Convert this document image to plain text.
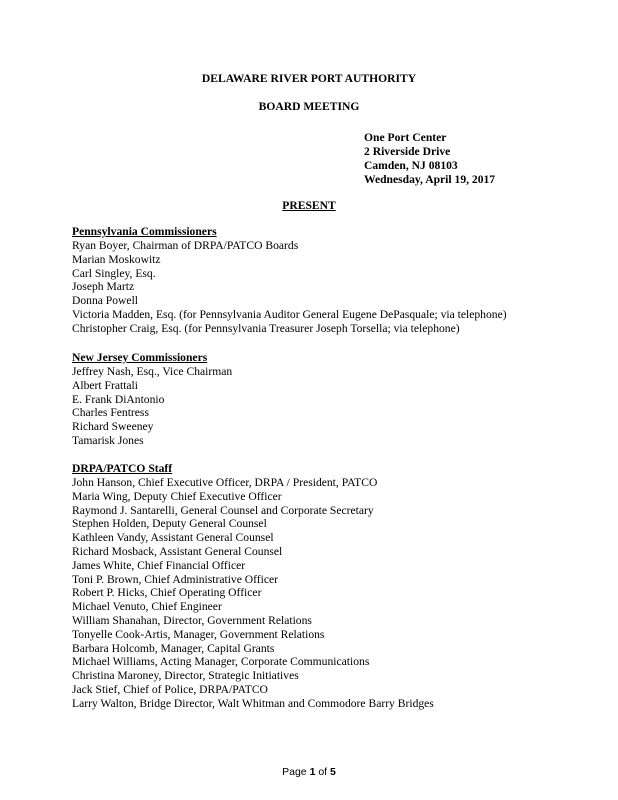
DELAWARE RIVER PORT AUTHORITY
BOARD MEETING
One Port Center
2 Riverside Drive
Camden, NJ 08103
Wednesday, April 19, 2017
PRESENT
Pennsylvania Commissioners
Ryan Boyer, Chairman of DRPA/PATCO Boards
Marian Moskowitz
Carl Singley, Esq.
Joseph Martz
Donna Powell
Victoria Madden, Esq. (for Pennsylvania Auditor General Eugene DePasquale; via telephone)
Christopher Craig, Esq. (for Pennsylvania Treasurer Joseph Torsella; via telephone)
New Jersey Commissioners
Jeffrey Nash, Esq., Vice Chairman
Albert Frattali
E. Frank DiAntonio
Charles Fentress
Richard Sweeney
Tamarisk Jones
DRPA/PATCO Staff
John Hanson, Chief Executive Officer, DRPA / President, PATCO
Maria Wing, Deputy Chief Executive Officer
Raymond J. Santarelli, General Counsel and Corporate Secretary
Stephen Holden, Deputy General Counsel
Kathleen Vandy, Assistant General Counsel
Richard Mosback, Assistant General Counsel
James White, Chief Financial Officer
Toni P. Brown, Chief Administrative Officer
Robert P. Hicks, Chief Operating Officer
Michael Venuto, Chief Engineer
William Shanahan, Director, Government Relations
Tonyelle Cook-Artis, Manager, Government Relations
Barbara Holcomb, Manager, Capital Grants
Michael Williams, Acting Manager, Corporate Communications
Christina Maroney, Director, Strategic Initiatives
Jack Stief, Chief of Police, DRPA/PATCO
Larry Walton, Bridge Director, Walt Whitman and Commodore Barry Bridges
Page 1 of 5
